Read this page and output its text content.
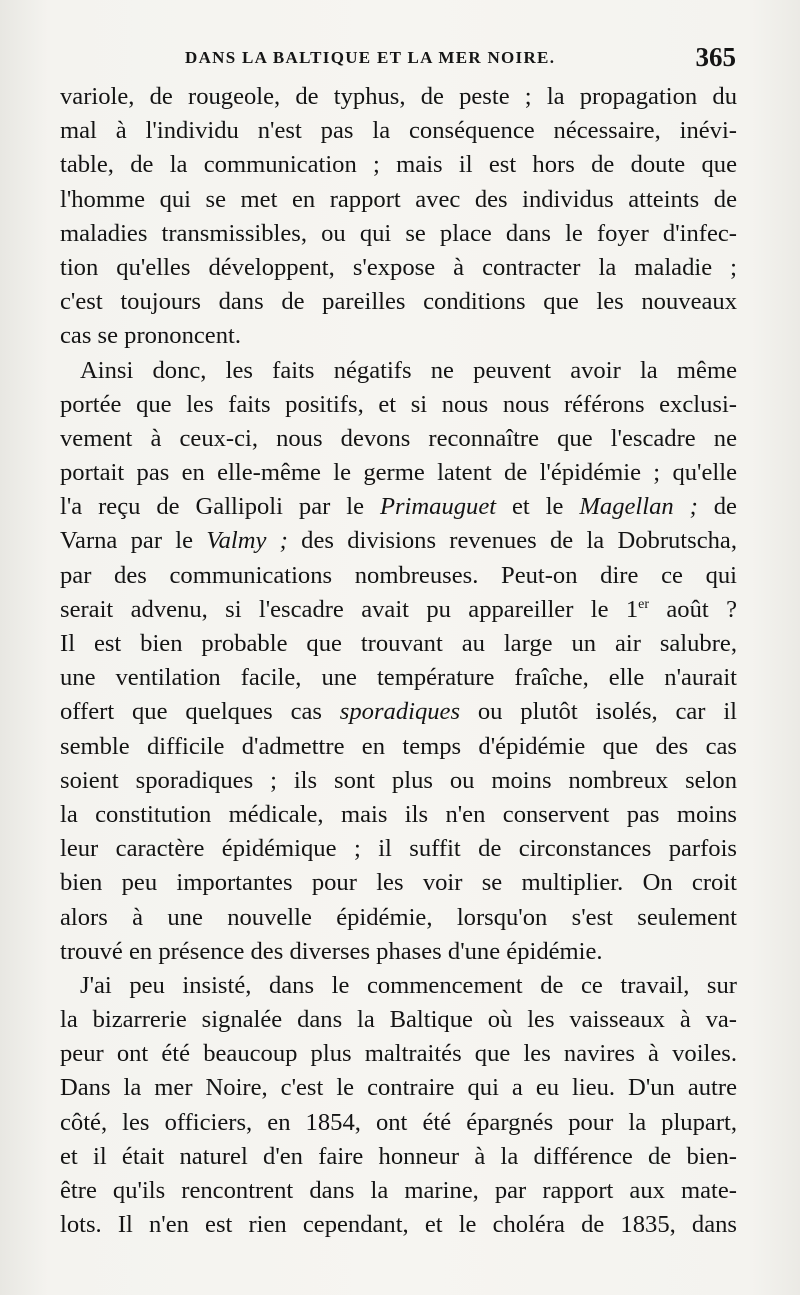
DANS LA BALTIQUE ET LA MER NOIRE.	365
variole, de rougeole, de typhus, de peste ; la propagation du
mal à l'individu n'est pas la conséquence nécessaire, inévi-
table, de la communication ; mais il est hors de doute que
l'homme qui se met en rapport avec des individus atteints de
maladies transmissibles, ou qui se place dans le foyer d'infec-
tion qu'elles développent, s'expose à contracter la maladie ;
c'est toujours dans de pareilles conditions que les nouveaux
cas se prononcent.
Ainsi donc, les faits négatifs ne peuvent avoir la même
portée que les faits positifs, et si nous nous référons exclusi-
vement à ceux-ci, nous devons reconnaître que l'escadre ne
portait pas en elle-même le germe latent de l'épidémie ; qu'elle
l'a reçu de Gallipoli par le Primauguet et le Magellan ; de
Varna par le Valmy ; des divisions revenues de la Dobrutscha,
par des communications nombreuses. Peut-on dire ce qui
serait advenu, si l'escadre avait pu appareiller le 1er août ?
Il est bien probable que trouvant au large un air salubre,
une ventilation facile, une température fraîche, elle n'aurait
offert que quelques cas sporadiques ou plutôt isolés, car il
semble difficile d'admettre en temps d'épidémie que des cas
soient sporadiques ; ils sont plus ou moins nombreux selon
la constitution médicale, mais ils n'en conservent pas moins
leur caractère épidémique ; il suffit de circonstances parfois
bien peu importantes pour les voir se multiplier. On croit
alors à une nouvelle épidémie, lorsqu'on s'est seulement
trouvé en présence des diverses phases d'une épidémie.
J'ai peu insisté, dans le commencement de ce travail, sur
la bizarrerie signalée dans la Baltique où les vaisseaux à va-
peur ont été beaucoup plus maltraités que les navires à voiles.
Dans la mer Noire, c'est le contraire qui a eu lieu. D'un autre
côté, les officiers, en 1854, ont été épargnés pour la plupart,
et il était naturel d'en faire honneur à la différence de bien-
être qu'ils rencontrent dans la marine, par rapport aux mate-
lots. Il n'en est rien cependant, et le choléra de 1835, dans
